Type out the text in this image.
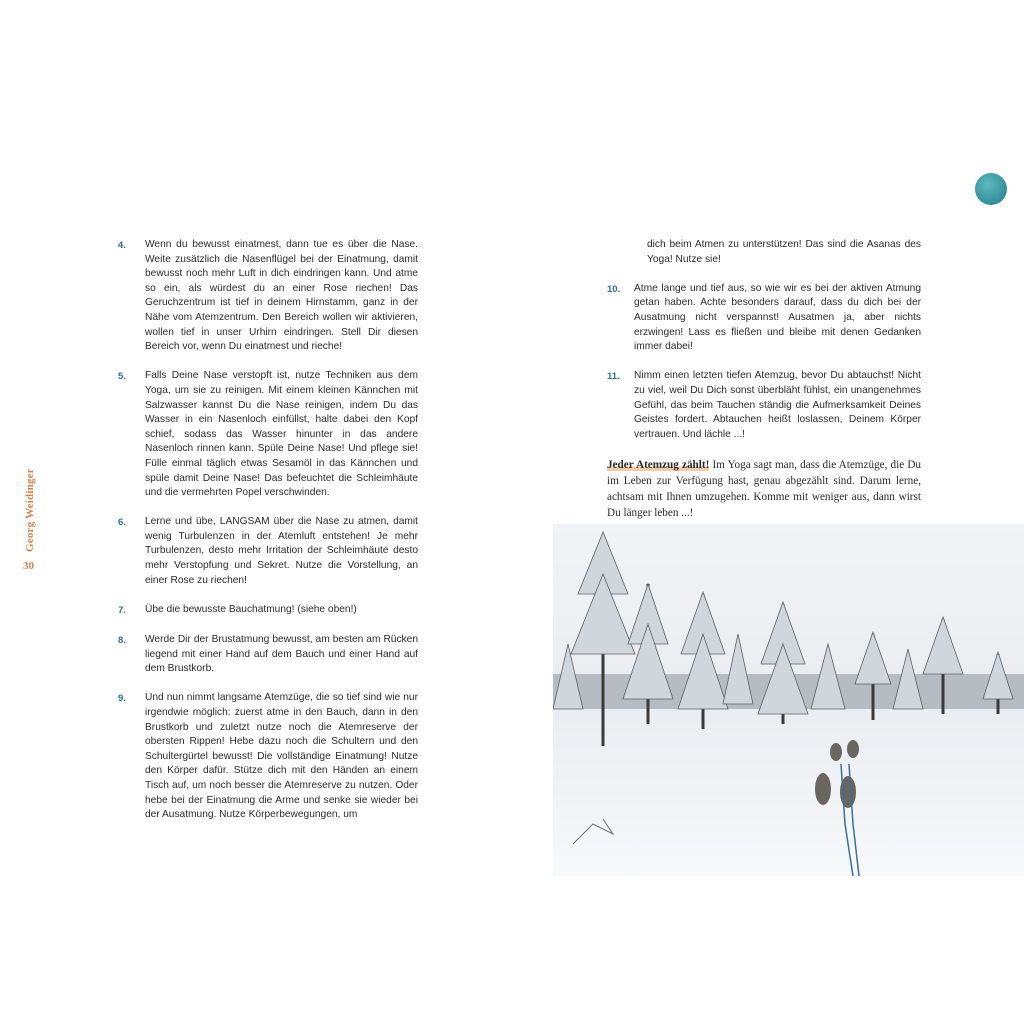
Georg Weidinger
30
4.	Wenn du bewusst einatmest, dann tue es über die Nase. Weite zusätzlich die Nasenflügel bei der Einatmung, damit bewusst noch mehr Luft in dich eindringen kann. Und atme so ein, als würdest du an einer Rose riechen! Das Geruchzentrum ist tief in deinem Hirnstamm, ganz in der Nähe vom Atemzentrum. Den Bereich wollen wir aktivieren, wollen tief in unser Urhirn eindringen. Stell Dir diesen Bereich vor, wenn Du einatmest und rieche!
5.	Falls Deine Nase verstopft ist, nutze Techniken aus dem Yoga, um sie zu reinigen. Mit einem kleinen Kännchen mit Salzwasser kannst Du die Nase reinigen, indem Du das Wasser in ein Nasenloch einfüllst, halte dabei den Kopf schief, sodass das Wasser hinunter in das andere Nasenloch rinnen kann. Spüle Deine Nase! Und pflege sie! Fülle einmal täglich etwas Sesamöl in das Kännchen und spüle damit Deine Nase! Das befeuchtet die Schleimhäute und die vermehrten Popel verschwinden.
6.	Lerne und übe, LANGSAM über die Nase zu atmen, damit wenig Turbulenzen in der Atemluft entstehen! Je mehr Turbulenzen, desto mehr Irritation der Schleimhäute desto mehr Verstopfung und Sekret. Nutze die Vorstellung, an einer Rose zu riechen!
7.	Übe die bewusste Bauchatmung! (siehe oben!)
8.	Werde Dir der Brustatmung bewusst, am besten am Rücken liegend mit einer Hand auf dem Bauch und einer Hand auf dem Brustkorb.
9.	Und nun nimmt langsame Atemzüge, die so tief sind wie nur irgendwie möglich: zuerst atme in den Bauch, dann in den Brustkorb und zuletzt nutze noch die Atemreserve der obersten Rippen! Hebe dazu noch die Schultern und den Schultergürtel bewusst! Die vollständige Einatmung! Nutze den Körper dafür. Stütze dich mit den Händen an einem Tisch auf, um noch besser die Atemreserve zu nutzen. Oder hebe bei der Einatmung die Arme und senke sie wieder bei der Ausatmung. Nutze Körperbewegungen, um
dich beim Atmen zu unterstützen! Das sind die Asanas des Yoga! Nutze sie!
10.	Atme lange und tief aus, so wie wir es bei der aktiven Atmung getan haben. Achte besonders darauf, dass du dich bei der Ausatmung nicht verspannst! Ausatmen ja, aber nichts erzwingen! Lass es fließen und bleibe mit denen Gedanken immer dabei!
11.	Nimm einen letzten tiefen Atemzug, bevor Du abtauchst! Nicht zu viel, weil Du Dich sonst überbläht fühlst, ein unangenehmes Gefühl, das beim Tauchen ständig die Aufmerksamkeit Deines Geistes fordert. Abtauchen heißt loslassen, Deinem Körper vertrauen. Und lächle ...!

Jeder Atemzug zählt! Im Yoga sagt man, dass die Atemzüge, die Du im Leben zur Verfügung hast, genau abgezählt sind. Darum lerne, achtsam mit Ihnen umzugehen. Komme mit weniger aus, dann wirst Du länger leben ...!
